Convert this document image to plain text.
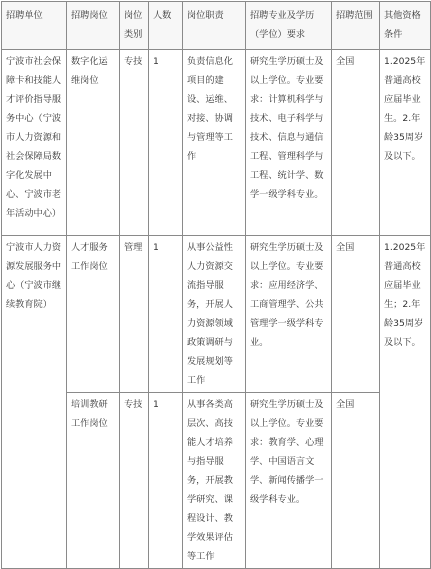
招聘单位	招聘岗位	岗位类别	人数	岗位职责	招聘专业及学历（学位）要求	招聘范围	其他资格条件
宁波市社会保障卡和技能人才评价指导服务中心（宁波市人力资源和社会保障局数字化发展中心、宁波市老年活动中心）	数字化运维岗位	专技	1	负责信息化项目的建设、运维、对接、协调与管理等工作	研究生学历硕士及以上学位。专业要求：计算机科学与技术、电子科学与技术、信息与通信工程、管理科学与工程、统计学、数学一级学科专业。	全国	1.2025年普通高校应届毕业生。2.年龄35周岁及以下。
宁波市人力资源发展服务中心（宁波市继续教育院）	人才服务工作岗位	管理	1	从事公益性人力资源交流指导服务，开展人力资源领域政策调研与发展规划等工作	研究生学历硕士及以上学位。专业要求：应用经济学、工商管理学、公共管理学一级学科专业。	全国	1.2025年普通高校应届毕业生；2.年龄35周岁及以下。
	培训教研工作岗位	专技	1	从事各类高层次、高技能人才培养与指导服务，开展教学研究、课程设计、教学效果评估等工作	研究生学历硕士及以上学位。专业要求：教育学、心理学、中国语言文学、新闻传播学一级学科专业。	全国	
